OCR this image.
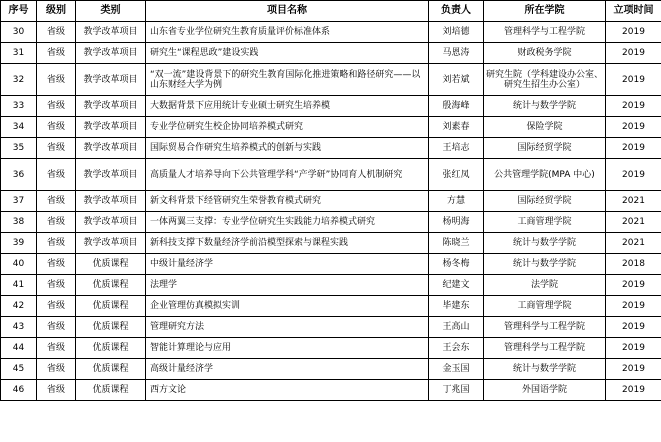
序号	级别	类别	项目名称	负责人	所在学院	立项时间
30	省级	教学改革项目	山东省专业学位研究生教育质量评价标准体系	刘培德	管理科学与工程学院	2019
31	省级	教学改革项目	研究生“课程思政”建设实践	马恩涛	财政税务学院	2019
32	省级	教学改革项目	“双一流”建设背景下的研究生教育国际化推进策略和路径研究——以山东财经大学为例	刘若斌	研究生院（学科建设办公室、研究生招生办公室）	2019
33	省级	教学改革项目	大数据背景下应用统计专业硕士研究生培养模	殷海峰	统计与数学学院	2019
34	省级	教学改革项目	专业学位研究生校企协同培养模式研究	刘素春	保险学院	2019
35	省级	教学改革项目	国际贸易合作研究生培养模式的创新与实践	王培志	国际经贸学院	2019
36	省级	教学改革项目	高质量人才培养导向下公共管理学科“产学研”协同育人机制研究	张红凤	公共管理学院(MPA 中心)	2019
37	省级	教学改革项目	新文科背景下经管研究生荣誉教育模式研究	方慧	国际经贸学院	2021
38	省级	教学改革项目	一体两翼三支撑：专业学位研究生实践能力培养模式研究	杨明海	工商管理学院	2021
39	省级	教学改革项目	新科技支撑下数量经济学前沿模型探索与课程实践	陈晓兰	统计与数学学院	2021
40	省级	优质课程	中级计量经济学	杨冬梅	统计与数学学院	2018
41	省级	优质课程	法理学	纪建文	法学院	2019
42	省级	优质课程	企业管理仿真模拟实训	毕建东	工商管理学院	2019
43	省级	优质课程	管理研究方法	王高山	管理科学与工程学院	2019
44	省级	优质课程	智能计算理论与应用	王会东	管理科学与工程学院	2019
45	省级	优质课程	高级计量经济学	金玉国	统计与数学学院	2019
46	省级	优质课程	西方文论	丁兆国	外国语学院	2019
